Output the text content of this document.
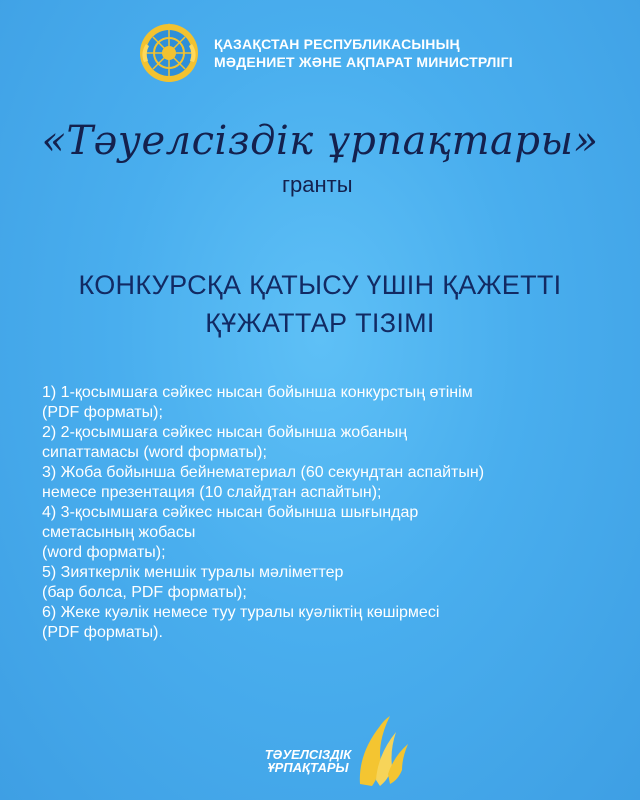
ҚАЗАҚСТАН РЕСПУБЛИКАСЫНЫҢ
МӘДЕНИЕТ ЖӘНЕ АҚПАРАТ МИНИСТРЛІГІ
«Тәуелсіздік ұрпақтары»
гранты
КОНКУРСҚА ҚАТЫСУ ҮШІН ҚАЖЕТТІ
ҚҰЖАТТАР ТІЗІМІ
1) 1-қосымшаға сәйкес нысан бойынша конкурстың өтінім
(PDF форматы);
2) 2-қосымшаға сәйкес нысан бойынша жобаның
сипаттамасы (word форматы);
3) Жоба бойынша бейнематериал (60 секундтан аспайтын)
немесе презентация (10 слайдтан аспайтын);
4) 3-қосымшаға сәйкес нысан бойынша шығындар
сметасының жобасы
(word форматы);
5) Зияткерлік меншік туралы мәліметтер
(бар болса, PDF форматы);
6) Жеке куәлік немесе туу туралы куәліктің көшірмесі
(PDF форматы).
ТӘУЕЛСІЗДІК
ҰРПАҚТАРЫ
